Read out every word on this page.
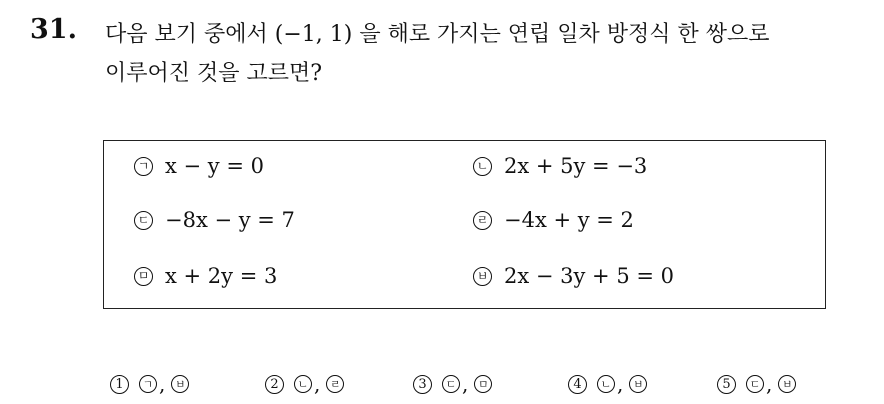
31. 다음 보기 중에서 (−1, 1) 을 해로 가지는 연립 일차 방정식 한 쌍으로
이루어진 것을 고르면?
ㄱ x − y = 0	ㄴ 2x + 5y = −3
ㄷ −8x − y = 7	ㄹ −4x + y = 2
ㅁ x + 2y = 3	ㅂ 2x − 3y + 5 = 0
1	ㄱ , ㅂ	2	ㄴ , ㄹ	3	ㄷ , ㅁ	4	ㄴ , ㅂ	5	ㄷ , ㅂ
